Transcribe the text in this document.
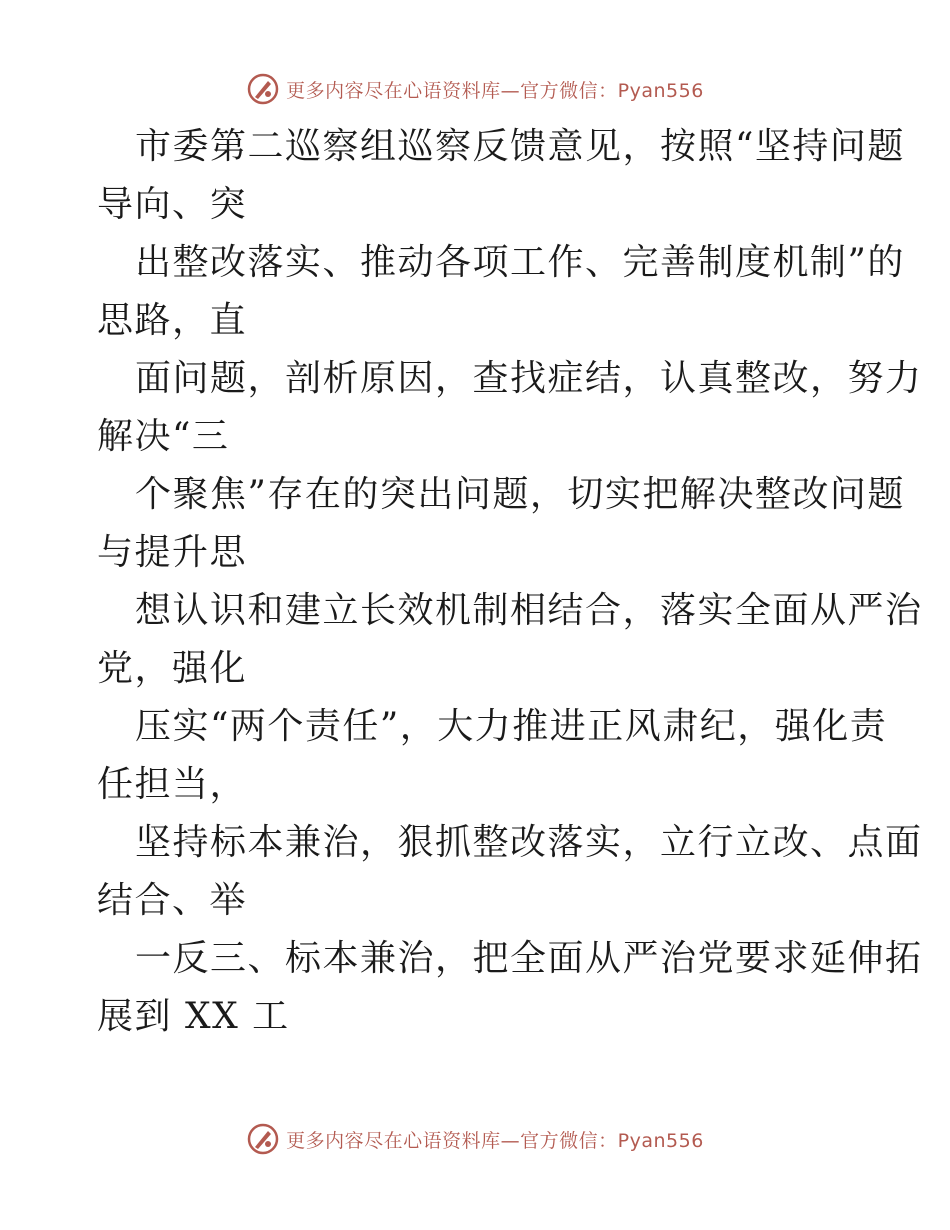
更多内容尽在心语资料库—官方微信：Pyan556

市委第二巡察组巡察反馈意见，按照“坚持问题
导向、突

出整改落实、推动各项工作、完善制度机制”的
思路，直

面问题，剖析原因，查找症结，认真整改，努力
解决“三

个聚焦”存在的突出问题，切实把解决整改问题
与提升思

想认识和建立长效机制相结合，落实全面从严治
党，强化

压实“两个责任”，大力推进正风肃纪，强化责
任担当，

坚持标本兼治，狠抓整改落实，立行立改、点面
结合、举

一反三、标本兼治，把全面从严治党要求延伸拓
展到 XX 工

更多内容尽在心语资料库—官方微信：Pyan556
